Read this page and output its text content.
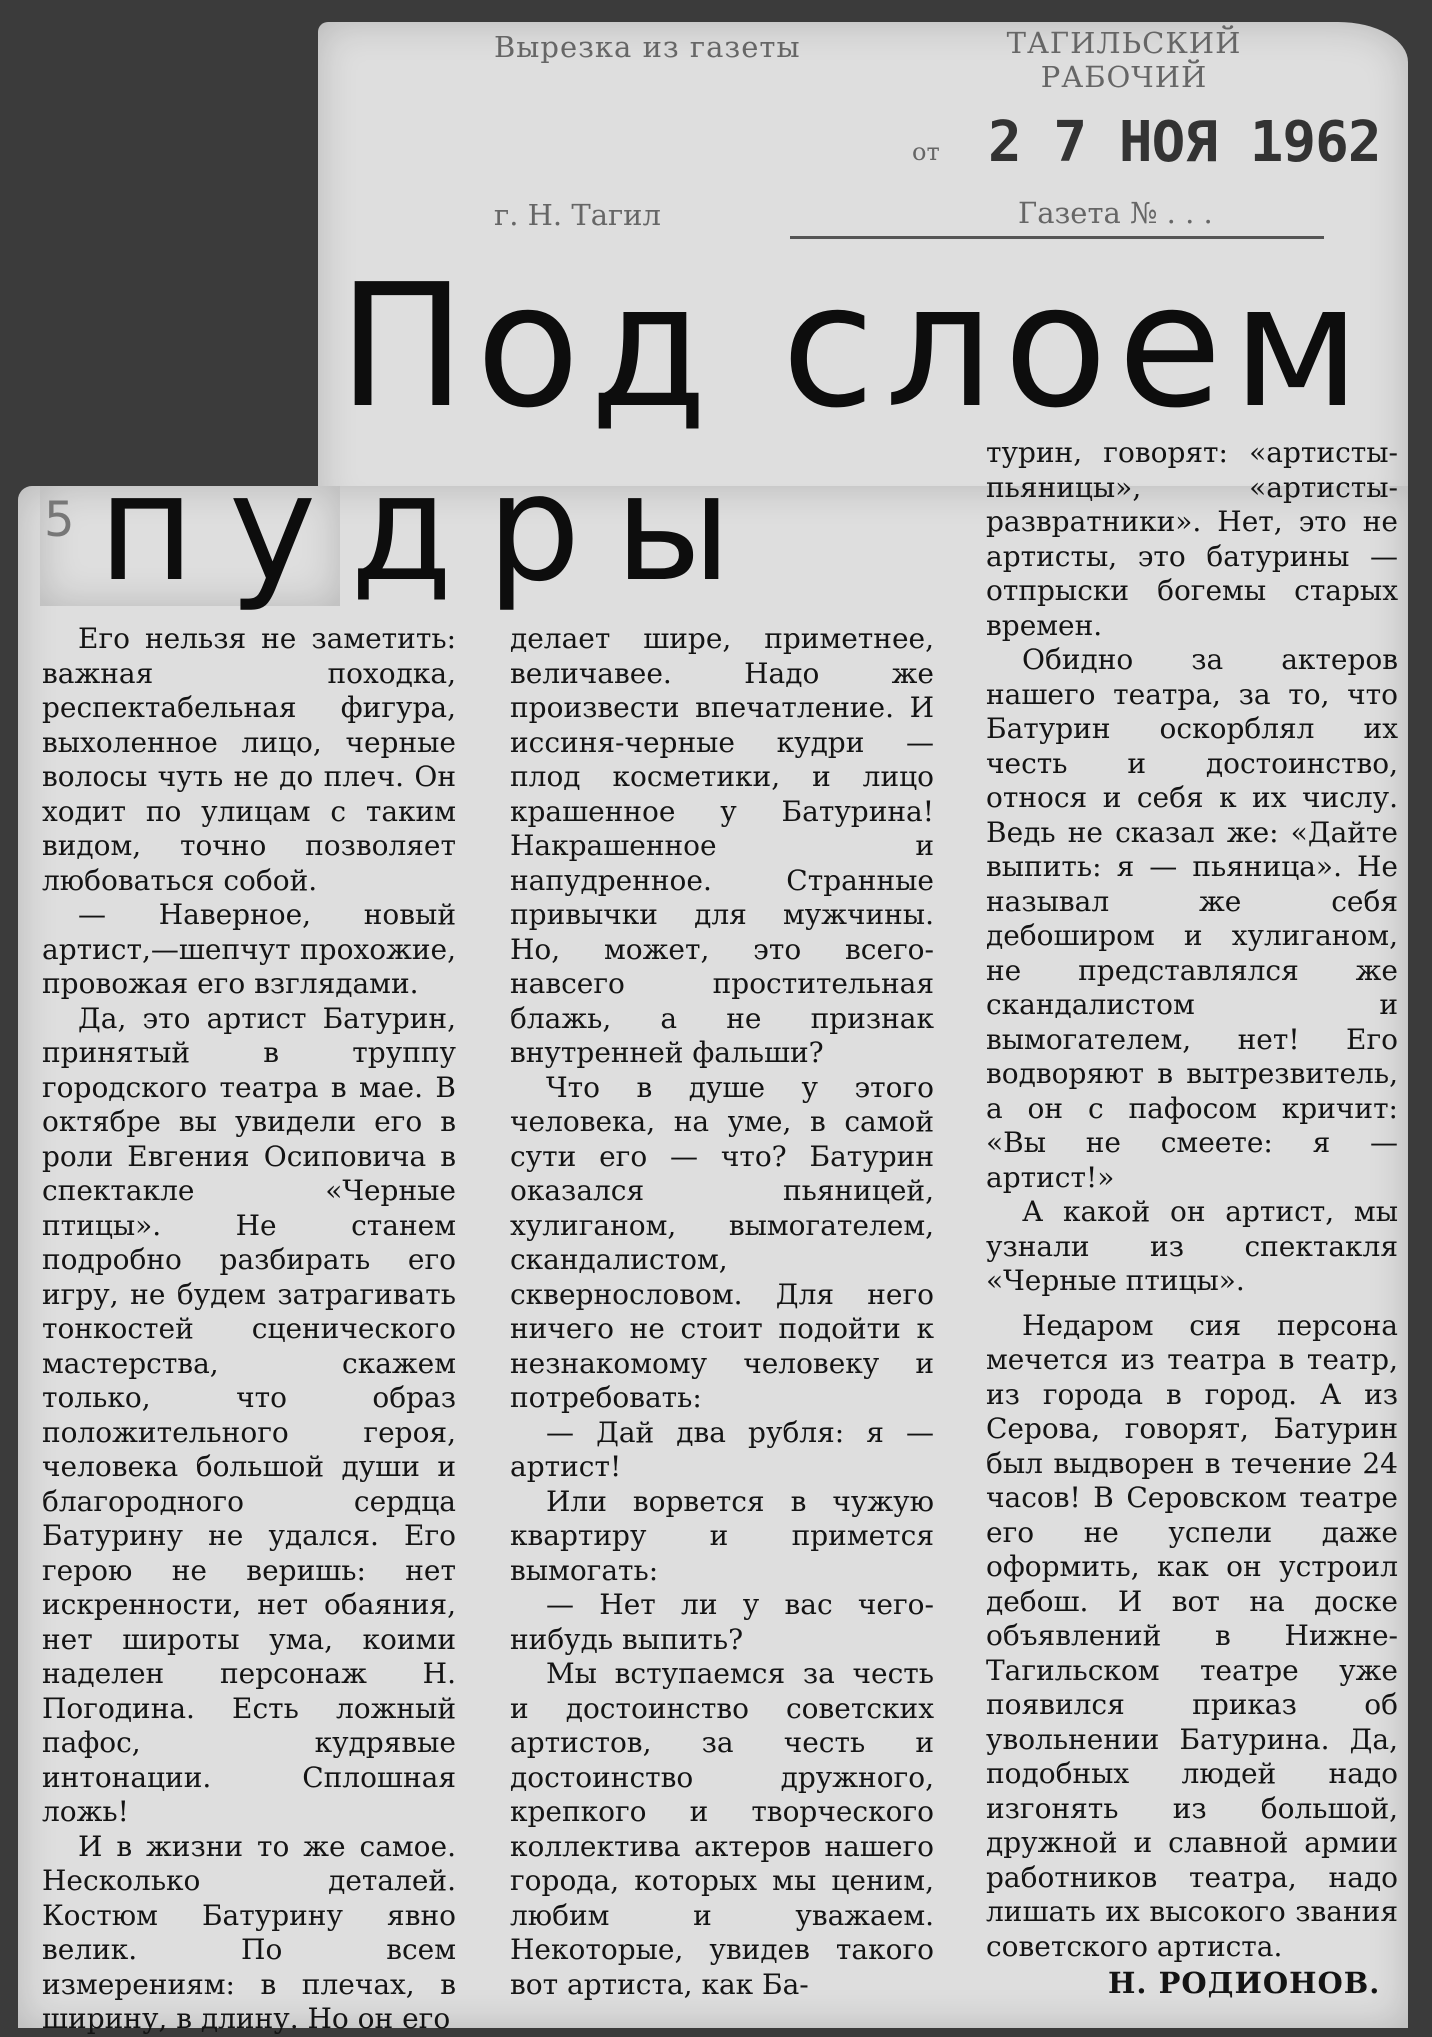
Вырезка из газеты	ТАГИЛЬСКИЙ
РАБОЧИЙ
от 2 7 НОЯ 1962
г. Н. Тагил	Газета № . . .
Под слоем
пудры
5

Его нельзя не заметить: важная походка, респектабельная фигура, выхоленное лицо, черные волосы чуть не до плеч. Он ходит по улицам с таким видом, точно позволяет любоваться собой.

— Наверное, новый артист,—шепчут прохожие, провожая его взглядами.

Да, это артист Батурин, принятый в труппу городского театра в мае. В октябре вы увидели его в роли Евгения Осиповича в спектакле «Черные птицы». Не станем подробно разбирать его игру, не будем затрагивать тонкостей сценического мастерства, скажем только, что образ положительного героя, человека большой души и благородного сердца Батурину не удался. Его герою не веришь: нет искренности, нет обаяния, нет широты ума, коими наделен персонаж Н. Погодина. Есть ложный пафос, кудрявые интонации. Сплошная ложь!

И в жизни то же самое. Несколько деталей. Костюм Батурину явно велик. По всем измерениям: в плечах, в ширину, в длину. Но он его

делает шире, приметнее, величавее. Надо же произвести впечатление. И иссиня-черные кудри — плод косметики, и лицо крашенное у Батурина! Накрашенное и напудренное. Странные привычки для мужчины. Но, может, это всего-навсего простительная блажь, а не признак внутренней фальши?

Что в душе у этого человека, на уме, в самой сути его — что? Батурин оказался пьяницей, хулиганом, вымогателем, скандалистом, сквернословом. Для него ничего не стоит подойти к незнакомому человеку и потребовать:

— Дай два рубля: я — артист!

Или ворвется в чужую квартиру и примется вымогать:

— Нет ли у вас чего-нибудь выпить?

Мы вступаемся за честь и достоинство советских артистов, за честь и достоинство дружного, крепкого и творческого коллектива актеров нашего города, которых мы ценим, любим и уважаем. Некоторые, увидев такого вот артиста, как Ба-

турин, говорят: «артисты-пьяницы», «артисты-развратники». Нет, это не артисты, это батурины — отпрыски богемы старых времен.

Обидно за актеров нашего театра, за то, что Батурин оскорблял их честь и достоинство, относя и себя к их числу. Ведь не сказал же: «Дайте выпить: я — пьяница». Не называл же себя дебоширом и хулиганом, не представлялся же скандалистом и вымогателем, нет! Его водворяют в вытрезвитель, а он с пафосом кричит: «Вы не смеете: я — артист!»

А какой он артист, мы узнали из спектакля «Черные птицы».

Недаром сия персона мечется из театра в театр, из города в город. А из Серова, говорят, Батурин был выдворен в течение 24 часов! В Серовском театре его не успели даже оформить, как он устроил дебош. И вот на доске объявлений в Нижне-Тагильском театре уже появился приказ об увольнении Батурина. Да, подобных людей надо изгонять из большой, дружной и славной армии работников театра, надо лишать их высокого звания советского артиста.

Н. РОДИОНОВ.
